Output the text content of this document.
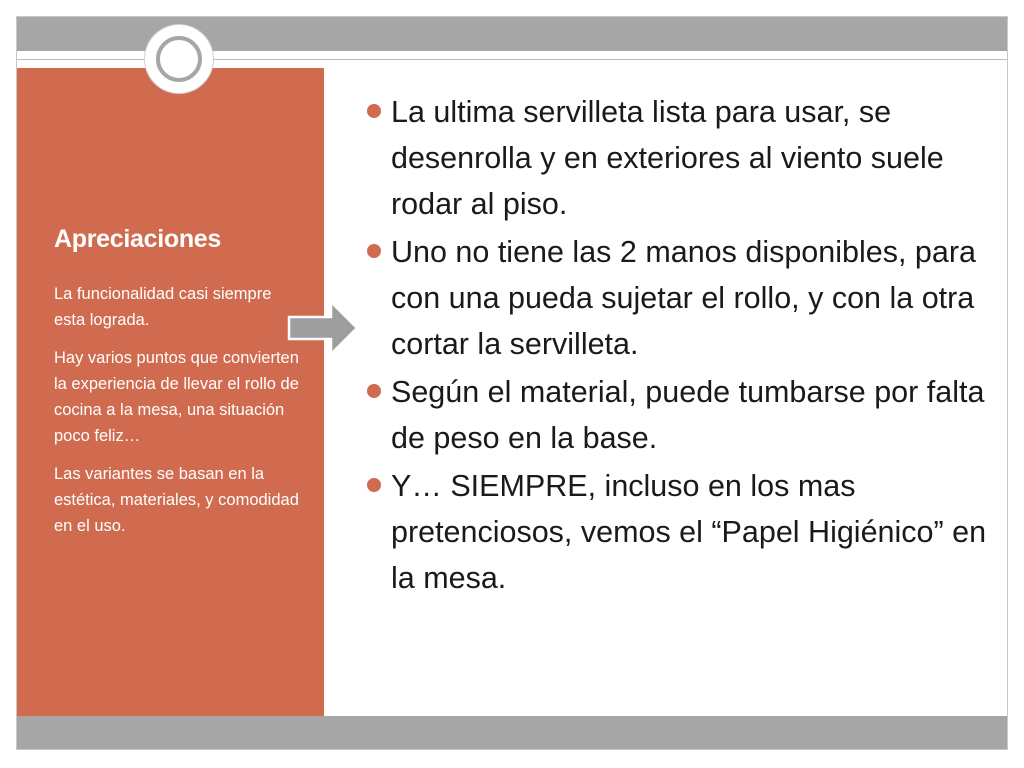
Apreciaciones

La funcionalidad casi siempre esta lograda.

Hay varios puntos que convierten la experiencia de llevar el rollo de cocina a la mesa, una situación poco feliz…

Las variantes se basan en la estética, materiales, y comodidad en el uso.

La ultima servilleta lista para usar, se desenrolla y en exteriores al viento suele rodar al piso.
Uno no tiene las 2 manos disponibles, para con una pueda sujetar el rollo, y con la otra cortar la servilleta.
Según el material, puede tumbarse por falta de peso en la base.
Y… SIEMPRE, incluso en los mas pretenciosos, vemos el “Papel Higiénico” en la mesa.
